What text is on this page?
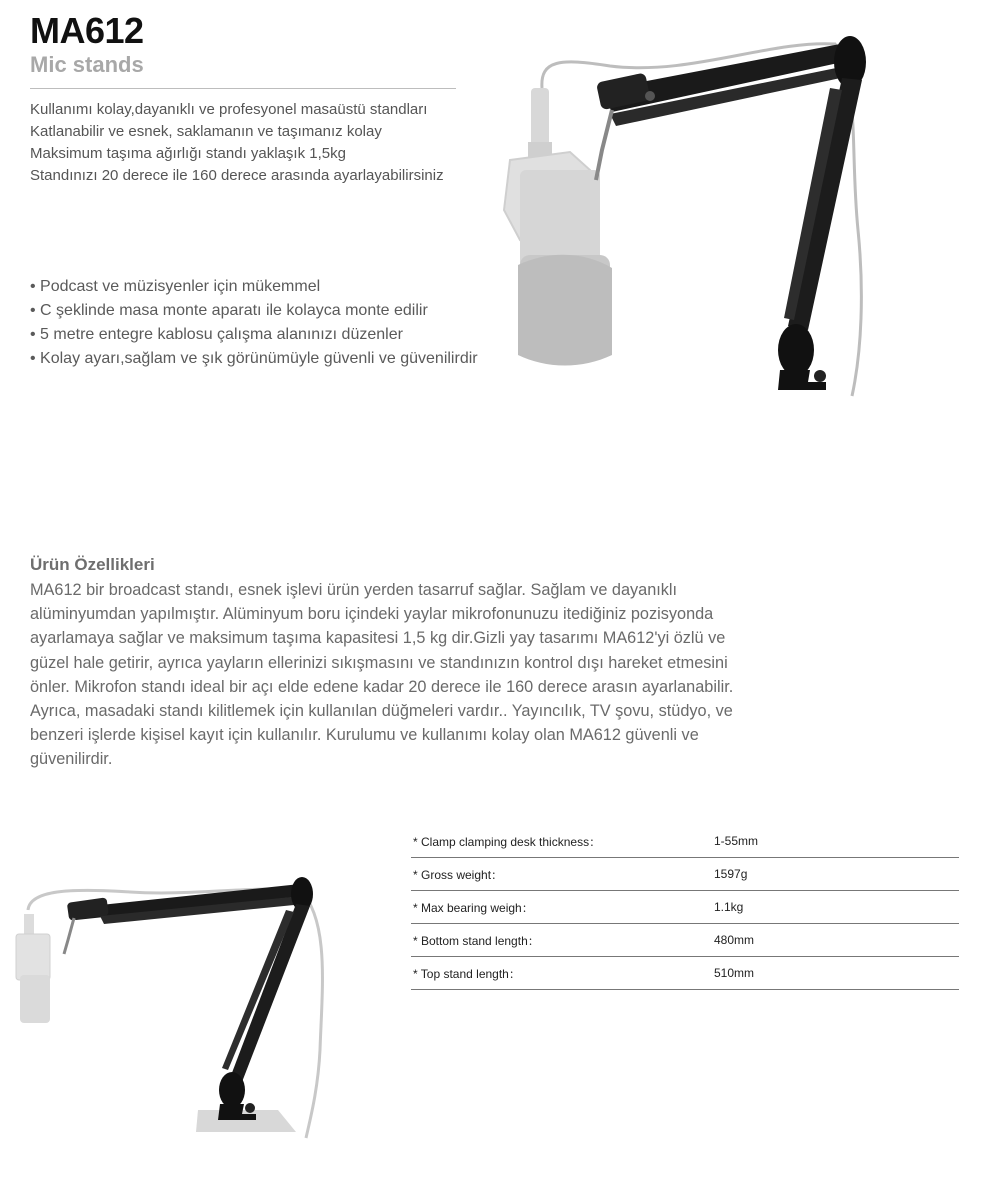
MA612
Mic stands
Kullanımı kolay,dayanıklı ve profesyonel masaüstü standları
Katlanabilir ve esnek, saklamanın ve taşımanız kolay
Maksimum taşıma ağırlığı standı yaklaşık 1,5kg
Standınızı 20 derece ile 160 derece arasında ayarlayabilirsiniz
• Podcast ve müzisyenler için mükemmel
• C şeklinde masa monte aparatı ile kolayca monte edilir
• 5 metre entegre kablosu çalışma alanınızı düzenler
• Kolay ayarı,sağlam ve şık görünümüyle güvenli ve güvenilirdir
Ürün Özellikleri
MA612 bir broadcast standı, esnek işlevi ürün yerden tasarruf sağlar. Sağlam ve dayanıklı
alüminyumdan yapılmıştır. Alüminyum boru içindeki yaylar mikrofonunuzu itediğiniz pozisyonda
ayarlamaya sağlar ve maksimum taşıma kapasitesi 1,5 kg dir.Gizli yay tasarımı MA612'yi özlü ve
güzel hale getirir, ayrıca yayların ellerinizi sıkışmasını ve standınızın kontrol dışı hareket etmesini
önler. Mikrofon standı ideal bir açı elde edene kadar 20 derece ile 160 derece arasın ayarlanabilir.
Ayrıca, masadaki standı kilitlemek için kullanılan düğmeleri vardır.. Yayıncılık, TV şovu, stüdyo, ve
benzeri işlerde kişisel kayıt için kullanılır. Kurulumu ve kullanımı kolay olan MA612 güvenli ve
güvenilirdir.
* Clamp clamping desk thickness：	1-55mm
* Gross weight：	1597g
* Max bearing weigh：	1.1kg
* Bottom stand length：	480mm
* Top stand length：	510mm
